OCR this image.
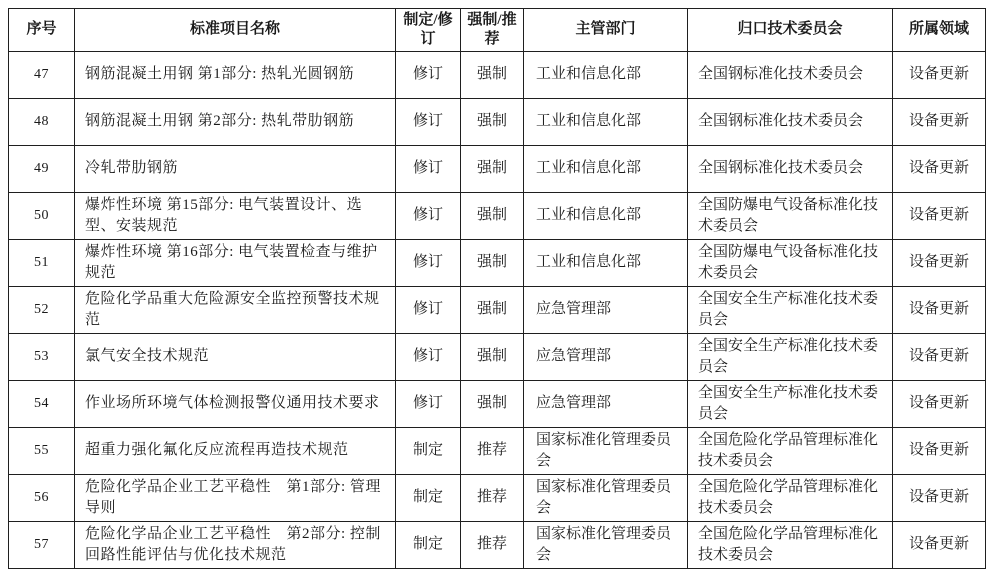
序号	标准项目名称	制定/修订	强制/推荐	主管部门	归口技术委员会	所属领域
47	钢筋混凝土用钢 第1部分: 热轧光圆钢筋	修订	强制	工业和信息化部	全国钢标准化技术委员会	设备更新
48	钢筋混凝土用钢 第2部分: 热轧带肋钢筋	修订	强制	工业和信息化部	全国钢标准化技术委员会	设备更新
49	冷轧带肋钢筋	修订	强制	工业和信息化部	全国钢标准化技术委员会	设备更新
50	爆炸性环境 第15部分: 电气装置设计、选型、安装规范	修订	强制	工业和信息化部	全国防爆电气设备标准化技术委员会	设备更新
51	爆炸性环境 第16部分: 电气装置检查与维护规范	修订	强制	工业和信息化部	全国防爆电气设备标准化技术委员会	设备更新
52	危险化学品重大危险源安全监控预警技术规范	修订	强制	应急管理部	全国安全生产标准化技术委员会	设备更新
53	氯气安全技术规范	修订	强制	应急管理部	全国安全生产标准化技术委员会	设备更新
54	作业场所环境气体检测报警仪通用技术要求	修订	强制	应急管理部	全国安全生产标准化技术委员会	设备更新
55	超重力强化氟化反应流程再造技术规范	制定	推荐	国家标准化管理委员会	全国危险化学品管理标准化技术委员会	设备更新
56	危险化学品企业工艺平稳性　第1部分: 管理导则	制定	推荐	国家标准化管理委员会	全国危险化学品管理标准化技术委员会	设备更新
57	危险化学品企业工艺平稳性　第2部分: 控制回路性能评估与优化技术规范	制定	推荐	国家标准化管理委员会	全国危险化学品管理标准化技术委员会	设备更新
